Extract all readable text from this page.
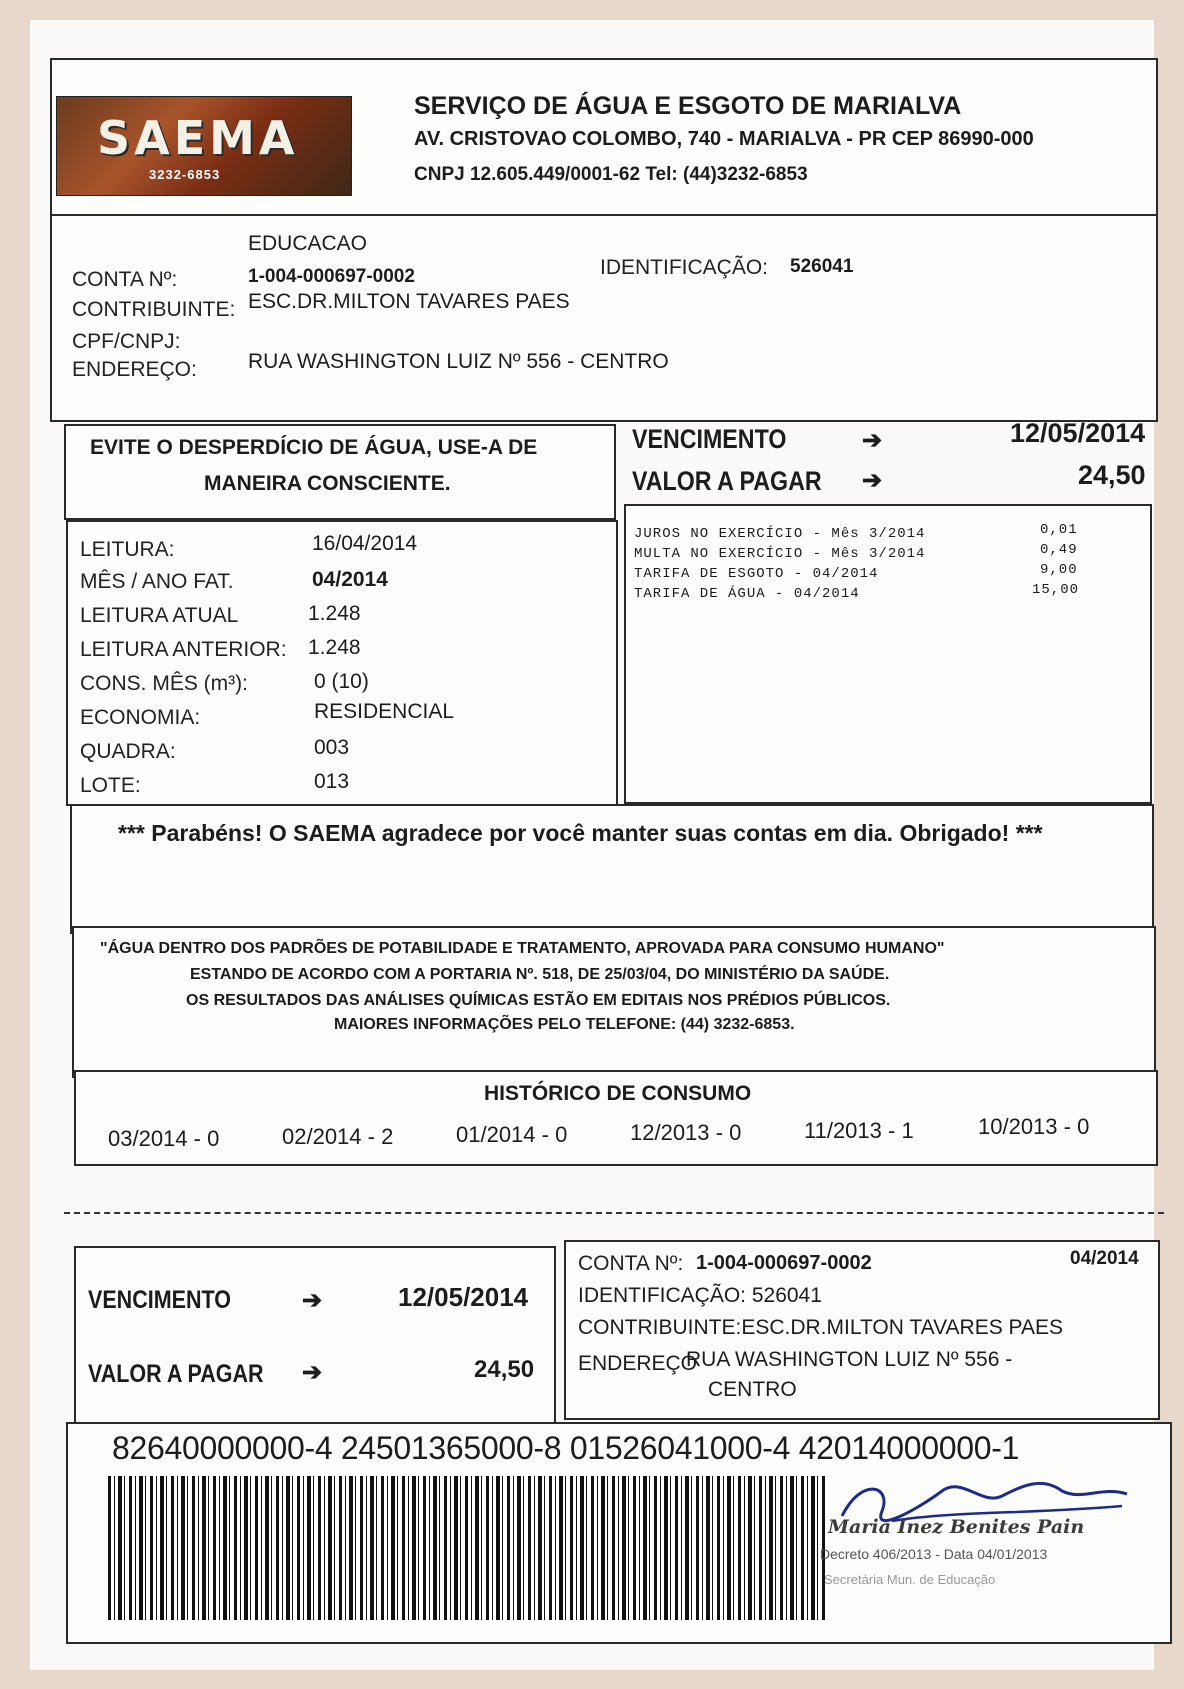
SAEMA
3232-6853
SERVIÇO DE ÁGUA E ESGOTO DE MARIALVA
AV. CRISTOVAO COLOMBO, 740 - MARIALVA - PR CEP 86990-000
CNPJ 12.605.449/0001-62 Tel: (44)3232-6853
EDUCACAO
CONTA Nº:	1-004-000697-0002	IDENTIFICAÇÃO: 526041
CONTRIBUINTE: ESC.DR.MILTON TAVARES PAES
CPF/CNPJ:
ENDEREÇO: RUA WASHINGTON LUIZ Nº 556 - CENTRO
EVITE O DESPERDÍCIO DE ÁGUA, USE-A DE
MANEIRA CONSCIENTE.
VENCIMENTO	➔	12/05/2014
VALOR A PAGAR ➔	24,50
LEITURA:	16/04/2014
MÊS / ANO FAT.	04/2014
LEITURA ATUAL	1.248
LEITURA ANTERIOR: 1.248
CONS. MÊS (m³):	0 (10)
ECONOMIA:	RESIDENCIAL
QUADRA:	003
LOTE:	013
JUROS NO EXERCÍCIO - Mês 3/2014	0,01
MULTA NO EXERCÍCIO - Mês 3/2014	0,49
TARIFA DE ESGOTO - 04/2014	9,00
TARIFA DE ÁGUA - 04/2014	15,00
*** Parabéns! O SAEMA agradece por você manter suas contas em dia. Obrigado! ***
"ÁGUA DENTRO DOS PADRÕES DE POTABILIDADE E TRATAMENTO, APROVADA PARA CONSUMO HUMANO"
ESTANDO DE ACORDO COM A PORTARIA Nº. 518, DE 25/03/04, DO MINISTÉRIO DA SAÚDE.
OS RESULTADOS DAS ANÁLISES QUÍMICAS ESTÃO EM EDITAIS NOS PRÉDIOS PÚBLICOS.
MAIORES INFORMAÇÕES PELO TELEFONE: (44) 3232-6853.
HISTÓRICO DE CONSUMO
03/2014 - 0	02/2014 - 2	01/2014 - 0	12/2013 - 0	11/2013 - 1	10/2013 - 0
VENCIMENTO	➔	12/05/2014
VALOR A PAGAR ➔	24,50
CONTA Nº: 1-004-000697-0002	04/2014
IDENTIFICAÇÃO: 526041
CONTRIBUINTE:ESC.DR.MILTON TAVARES PAES
ENDEREÇO
RUA WASHINGTON LUIZ Nº 556 -
CENTRO
82640000000-4 24501365000-8 01526041000-4 42014000000-1
Maria Inez Benites Pain
Decreto 406/2013 - Data 04/01/2013
Secretária Mun. de Educação
